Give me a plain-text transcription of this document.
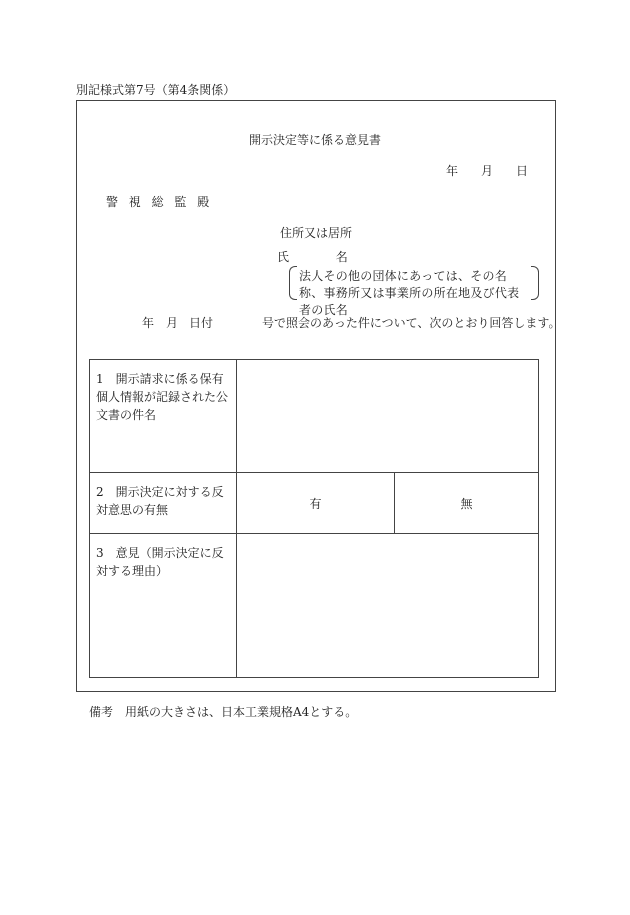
別記様式第7号（第4条関係）
開示決定等に係る意見書
年 月 日
警視総監殿
住所又は居所
氏名
法人その他の団体にあっては、その名称、事務所又は事業所の所在地及び代表者の氏名
年 月 日付	号で照会のあった件について、次のとおり回答します。
1　開示請求に係る保有個人情報が記録された公文書の件名		
2　開示決定に対する反対意思の有無	有	無
3　意見（開示決定に反対する理由）		
備考　用紙の大きさは、日本工業規格A4とする。
